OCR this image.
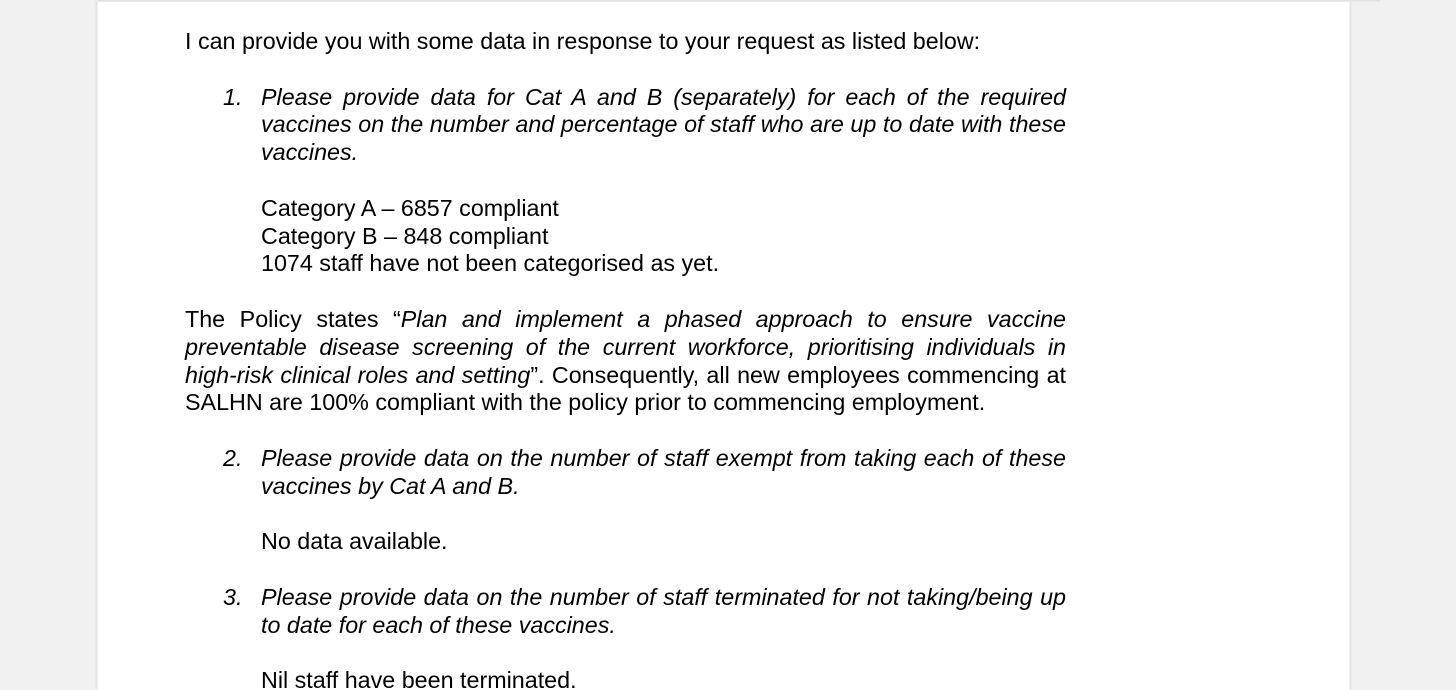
I can provide you with some data in response to your request as listed below:

1. Please provide data for Cat A and B (separately) for each of the required vaccines on the number and percentage of staff who are up to date with these vaccines.

Category A – 6857 compliant

Category B – 848 compliant

1074 staff have not been categorised as yet.

The Policy states “Plan and implement a phased approach to ensure vaccine preventable disease screening of the current workforce, prioritising individuals in high-risk clinical roles and setting”. Consequently, all new employees commencing at SALHN are 100% compliant with the policy prior to commencing employment.

2. Please provide data on the number of staff exempt from taking each of these vaccines by Cat A and B.

No data available.

3. Please provide data on the number of staff terminated for not taking/being up to date for each of these vaccines.

Nil staff have been terminated.
